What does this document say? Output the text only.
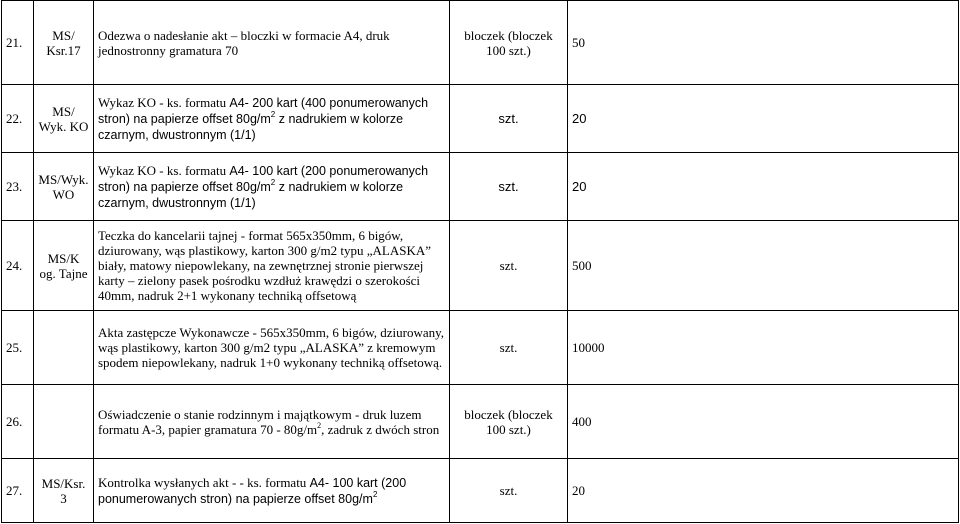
21.	MS/ Ksr.17	Odezwa o nadesłanie akt – bloczki w formacie A4, druk jednostronny gramatura 70	bloczek (bloczek 100 szt.)	50
22.	MS/ Wyk. KO	Wykaz KO - ks. formatu A4- 200 kart (400 ponumerowanych stron) na papierze offset $80g/m^2$ z nadrukiem w kolorze czarnym, dwustronnym (1/1)	szt.	20
23.	MS/Wyk. WO	Wykaz KO - ks. formatu A4- 100 kart (200 ponumerowanych stron) na papierze offset $80g/m^2$ z nadrukiem w kolorze czarnym, dwustronnym (1/1)	szt.	20
24.	MS/K og. Tajne	Teczka do kancelarii tajnej - format 565x350mm, 6 bigów, dziurowany, wąs plastikowy, karton 300 g/m2 typu „ALASKA” biały, matowy niepowlekany, na zewnętrznej stronie pierwszej karty – zielony pasek pośrodku wzdłuż krawędzi o szerokości 40mm, nadruk 2+1 wykonany techniką offsetową	szt.	500
25.		Akta zastępcze Wykonawcze - 565x350mm, 6 bigów, dziurowany, wąs plastikowy, karton 300 g/m2 typu „ALASKA” z kremowym spodem niepowlekany, nadruk 1+0 wykonany techniką offsetową.	szt.	10000
26.		Oświadczenie o stanie rodzinnym i majątkowym - druk luzem formatu A-3, papier gramatura $70 - 80g/m^2$, zadruk z dwóch stron	bloczek (bloczek 100 szt.)	400
27.	MS/Ksr. 3	Kontrolka wysłanych akt - - ks. formatu A4- 100 kart (200 ponumerowanych stron) na papierze offset $80g/m^2$	szt.	20
